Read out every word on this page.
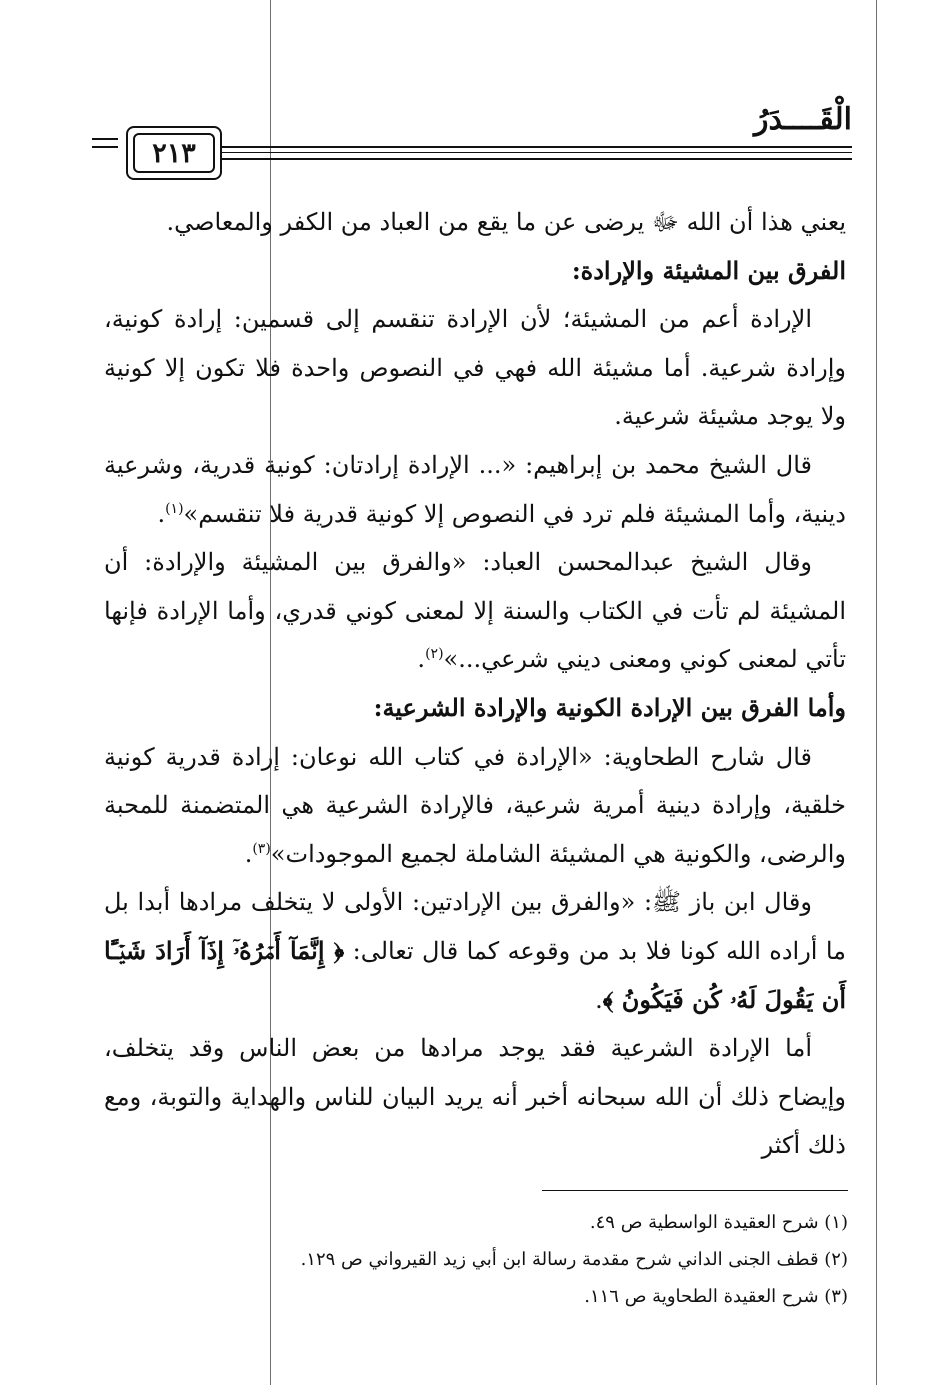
الْقَــــدَرُ
٢١٣

يعني هذا أن الله ﷻ يرضى عن ما يقع من العباد من الكفر والمعاصي.

الفرق بين المشيئة والإرادة:

الإرادة أعم من المشيئة؛ لأن الإرادة تنقسم إلى قسمين: إرادة كونية، وإرادة شرعية. أما مشيئة الله فهي في النصوص واحدة فلا تكون إلا كونية ولا يوجد مشيئة شرعية.

قال الشيخ محمد بن إبراهيم: «... الإرادة إرادتان: كونية قدرية، وشرعية دينية، وأما المشيئة فلم ترد في النصوص إلا كونية قدرية فلا تنقسم»$^{(١)}$.

وقال الشيخ عبدالمحسن العباد: «والفرق بين المشيئة والإرادة: أن المشيئة لم تأت في الكتاب والسنة إلا لمعنى كوني قدري، وأما الإرادة فإنها تأتي لمعنى كوني ومعنى ديني شرعي...»$^{(٢)}$.

وأما الفرق بين الإرادة الكونية والإرادة الشرعية:

قال شارح الطحاوية: «الإرادة في كتاب الله نوعان: إرادة قدرية كونية خلقية، وإرادة دينية أمرية شرعية، فالإرادة الشرعية هي المتضمنة للمحبة والرضى، والكونية هي المشيئة الشاملة لجميع الموجودات»$^{(٣)}$.

وقال ابن باز ﷺ: «والفرق بين الإرادتين: الأولى لا يتخلف مرادها أبدا بل ما أراده الله كونا فلا بد من وقوعه كما قال تعالى: ﴿ إِنَّمَآ أَمۡرُهُۥٓ إِذَآ أَرَادَ شَيۡـًٔا أَن يَقُولَ لَهُۥ كُن فَيَكُونُ ﴾.

أما الإرادة الشرعية فقد يوجد مرادها من بعض الناس وقد يتخلف، وإيضاح ذلك أن الله سبحانه أخبر أنه يريد البيان للناس والهداية والتوبة، ومع ذلك أكثر

(١) شرح العقيدة الواسطية ص ٤٩.

(٢) قطف الجنى الداني شرح مقدمة رسالة ابن أبي زيد القيرواني ص ١٢٩.

(٣) شرح العقيدة الطحاوية ص ١١٦.
